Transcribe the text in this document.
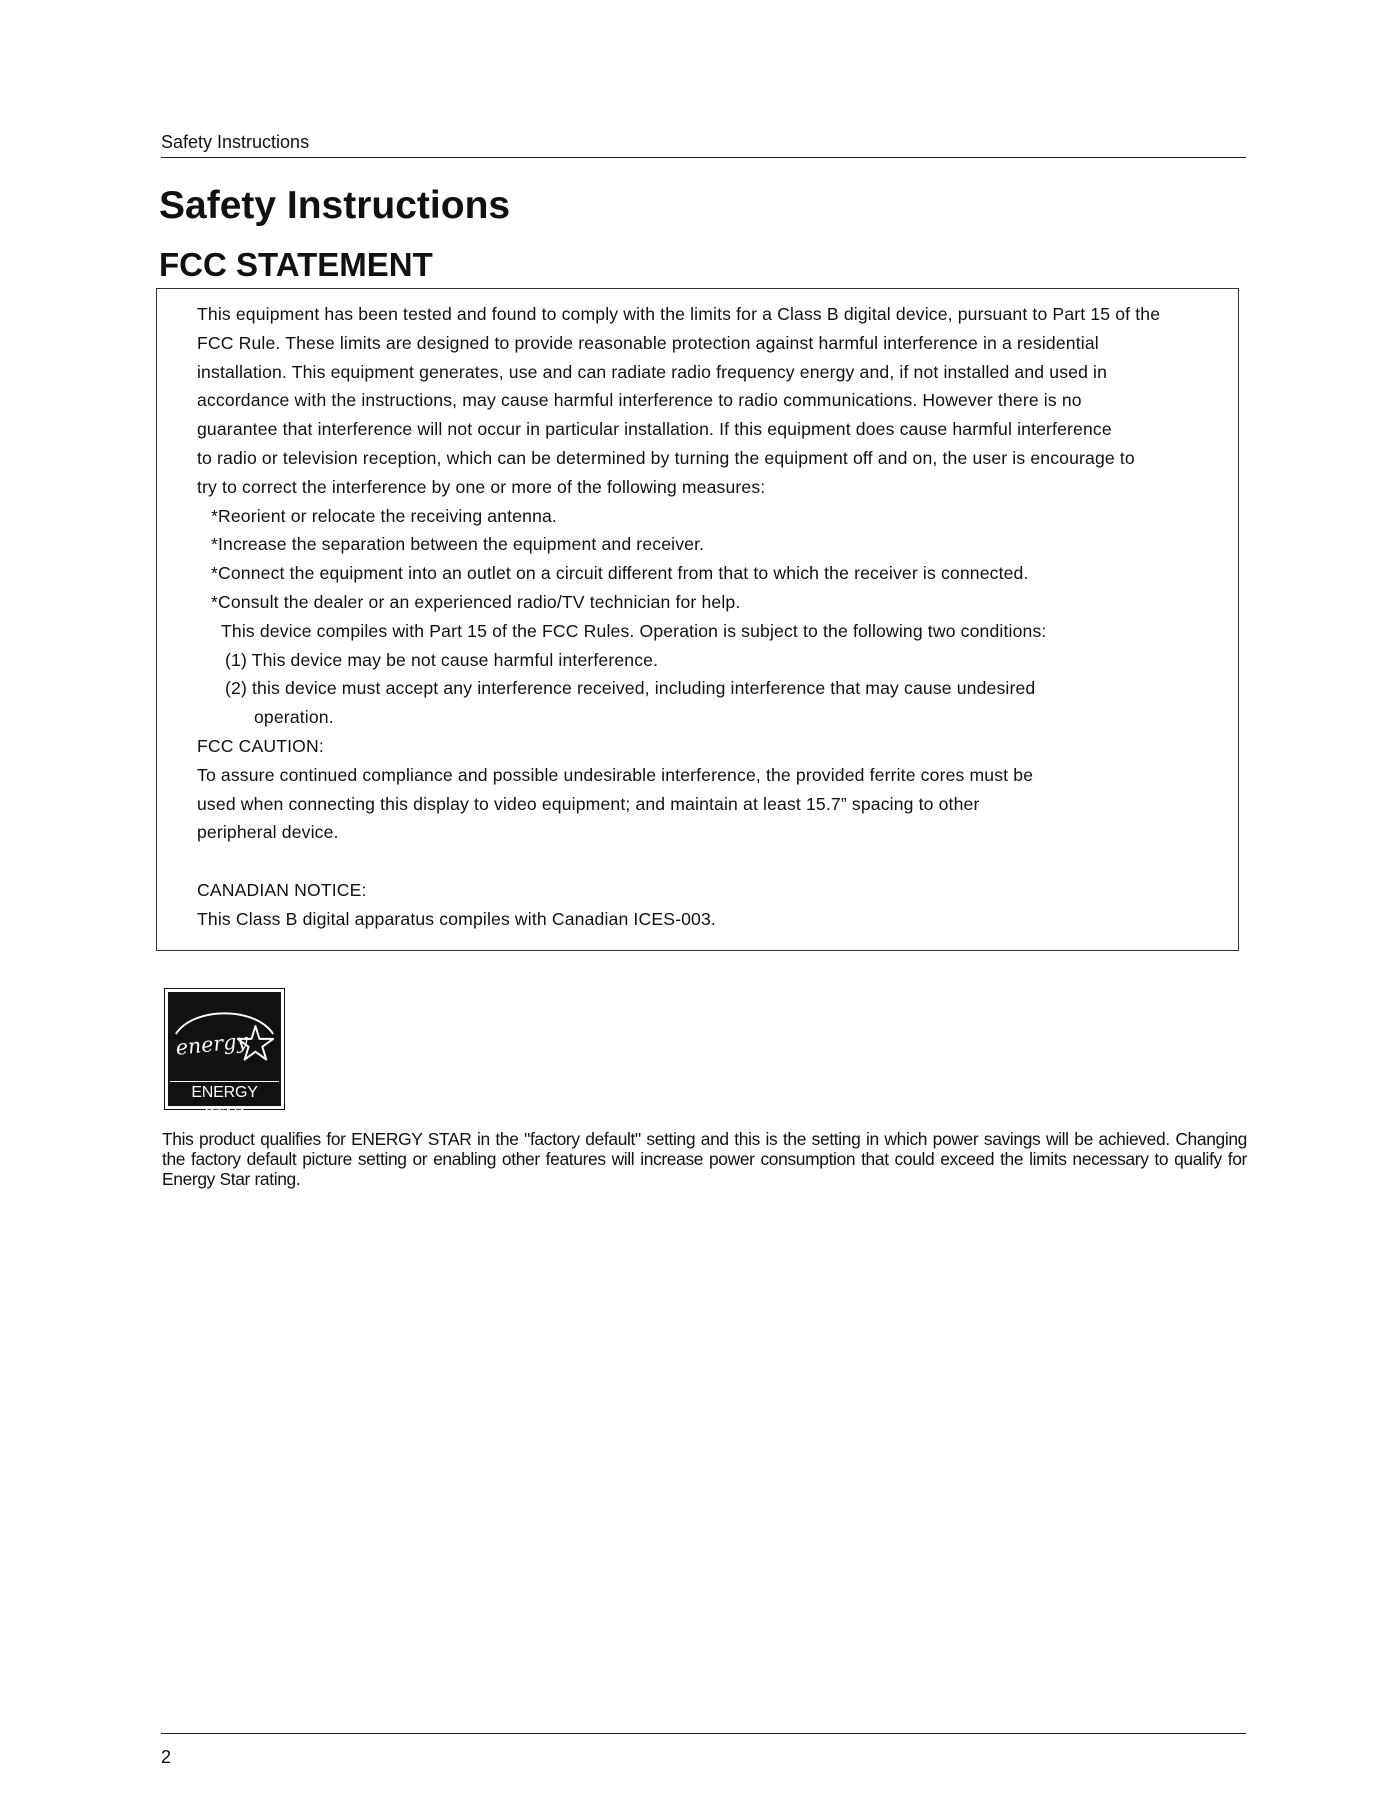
Safety Instructions
Safety Instructions
FCC STATEMENT
This equipment has been tested and found to comply with the limits for a Class B digital device, pursuant to Part 15 of the
FCC Rule. These limits are designed to provide reasonable protection against harmful interference in a residential
installation. This equipment generates, use and can radiate radio frequency energy and, if not installed and used in
accordance with the instructions, may cause harmful interference to radio communications. However there is no
guarantee that interference will not occur in particular installation. If this equipment does cause harmful interference
to radio or television reception, which can be determined by turning the equipment off and on, the user is encourage to
try to correct the interference by one or more of the following measures:
*Reorient or relocate the receiving antenna.
*Increase the separation between the equipment and receiver.
*Connect the equipment into an outlet on a circuit different from that to which the receiver is connected.
*Consult the dealer or an experienced radio/TV technician for help.
This device compiles with Part 15 of the FCC Rules. Operation is subject to the following two conditions:
(1) This device may be not cause harmful interference.
(2) this device must accept any interference received, including interference that may cause undesired
operation.
FCC CAUTION:
To assure continued compliance and possible undesirable interference, the provided ferrite cores must be
used when connecting this display to video equipment; and maintain at least 15.7” spacing to other
peripheral device.
CANADIAN NOTICE:
This Class B digital apparatus compiles with Canadian ICES-003.
energy
ENERGY STAR

This product qualifies for ENERGY STAR in the "factory default" setting and this is the setting in which power savings will be achieved. Changing the factory default picture setting or enabling other features will increase power consumption that could exceed the limits necessary to qualify for Energy Star rating.

2
